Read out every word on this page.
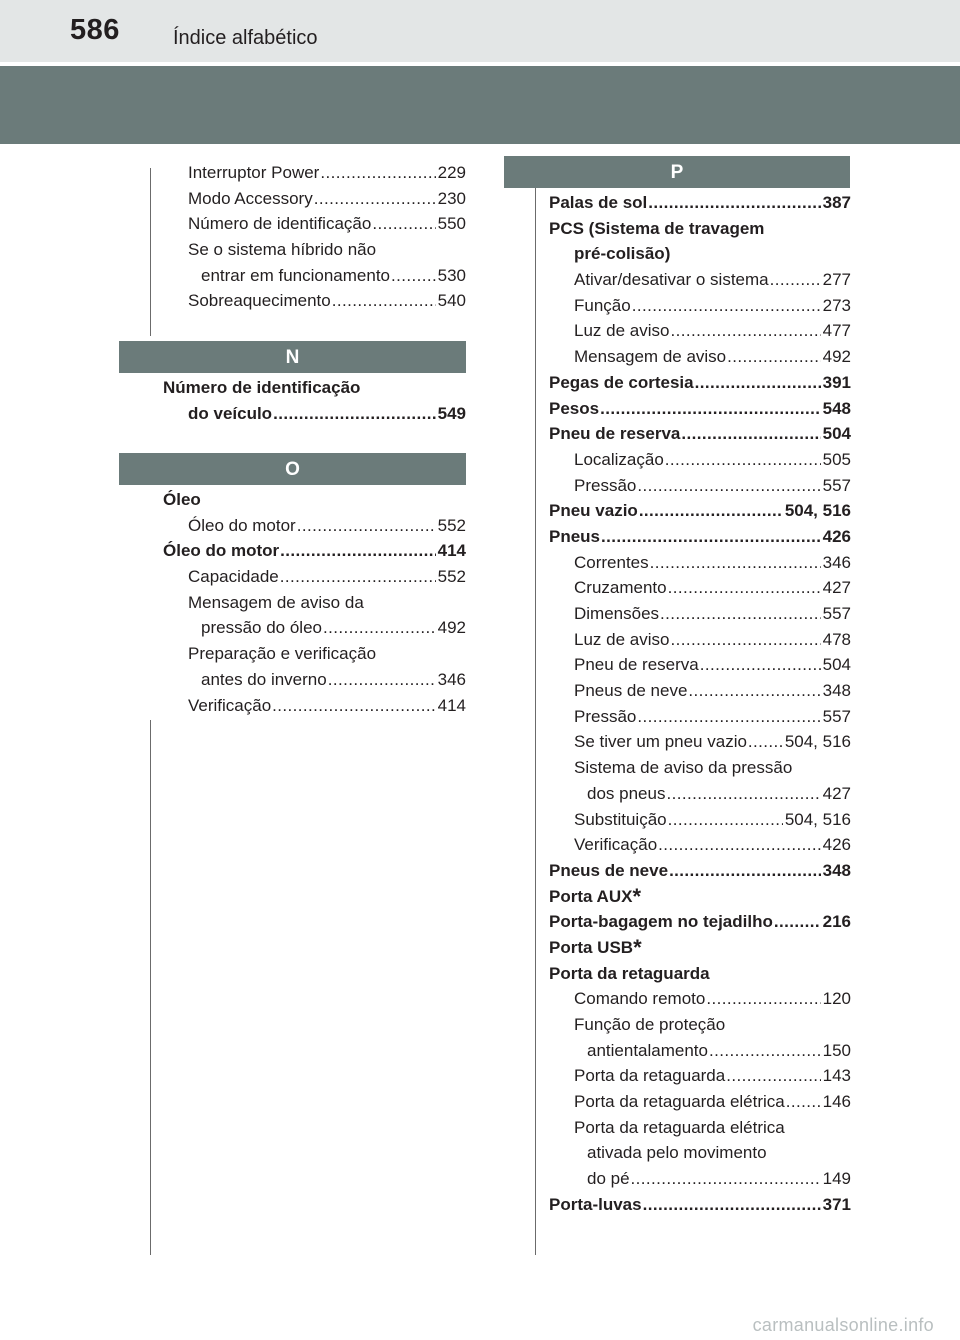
586	Índice alfabético
Interruptor Power .....	229
Modo Accessory .....	230
Número de identificação .....	550
Se o sistema híbrido não
entrar em funcionamento .....	530
Sobreaquecimento .....	540
N
Número de identificação
do veículo .....	549
O
Óleo
Óleo do motor .....	552
Óleo do motor .....	414
Capacidade .....	552
Mensagem de aviso da
pressão do óleo .....	492
Preparação e verificação
antes do inverno .....	346
Verificação .....	414
P
Palas de sol .....	387
PCS (Sistema de travagem
pré-colisão)
Ativar/desativar o sistema .....	277
Função .....	273
Luz de aviso .....	477
Mensagem de aviso .....	492
Pegas de cortesia .....	391
Pesos .....	548
Pneu de reserva .....	504
Localização .....	505
Pressão .....	557
Pneu vazio .....	504, 516
Pneus .....	426
Correntes .....	346
Cruzamento .....	427
Dimensões .....	557
Luz de aviso .....	478
Pneu de reserva .....	504
Pneus de neve .....	348
Pressão .....	557
Se tiver um pneu vazio ..... 504, 516
Sistema de aviso da pressão
dos pneus .....	427
Substituição .....	504, 516
Verificação .....	426
Pneus de neve .....	348
Porta AUX*
Porta-bagagem no tejadilho .....	216
Porta USB*
Porta da retaguarda
Comando remoto .....	120
Função de proteção
antientalamento .....	150
Porta da retaguarda .....	143
Porta da retaguarda elétrica ..... 146
Porta da retaguarda elétrica
ativada pelo movimento
do pé .....	149
Porta-luvas .....	371
carmanualsonline.info
